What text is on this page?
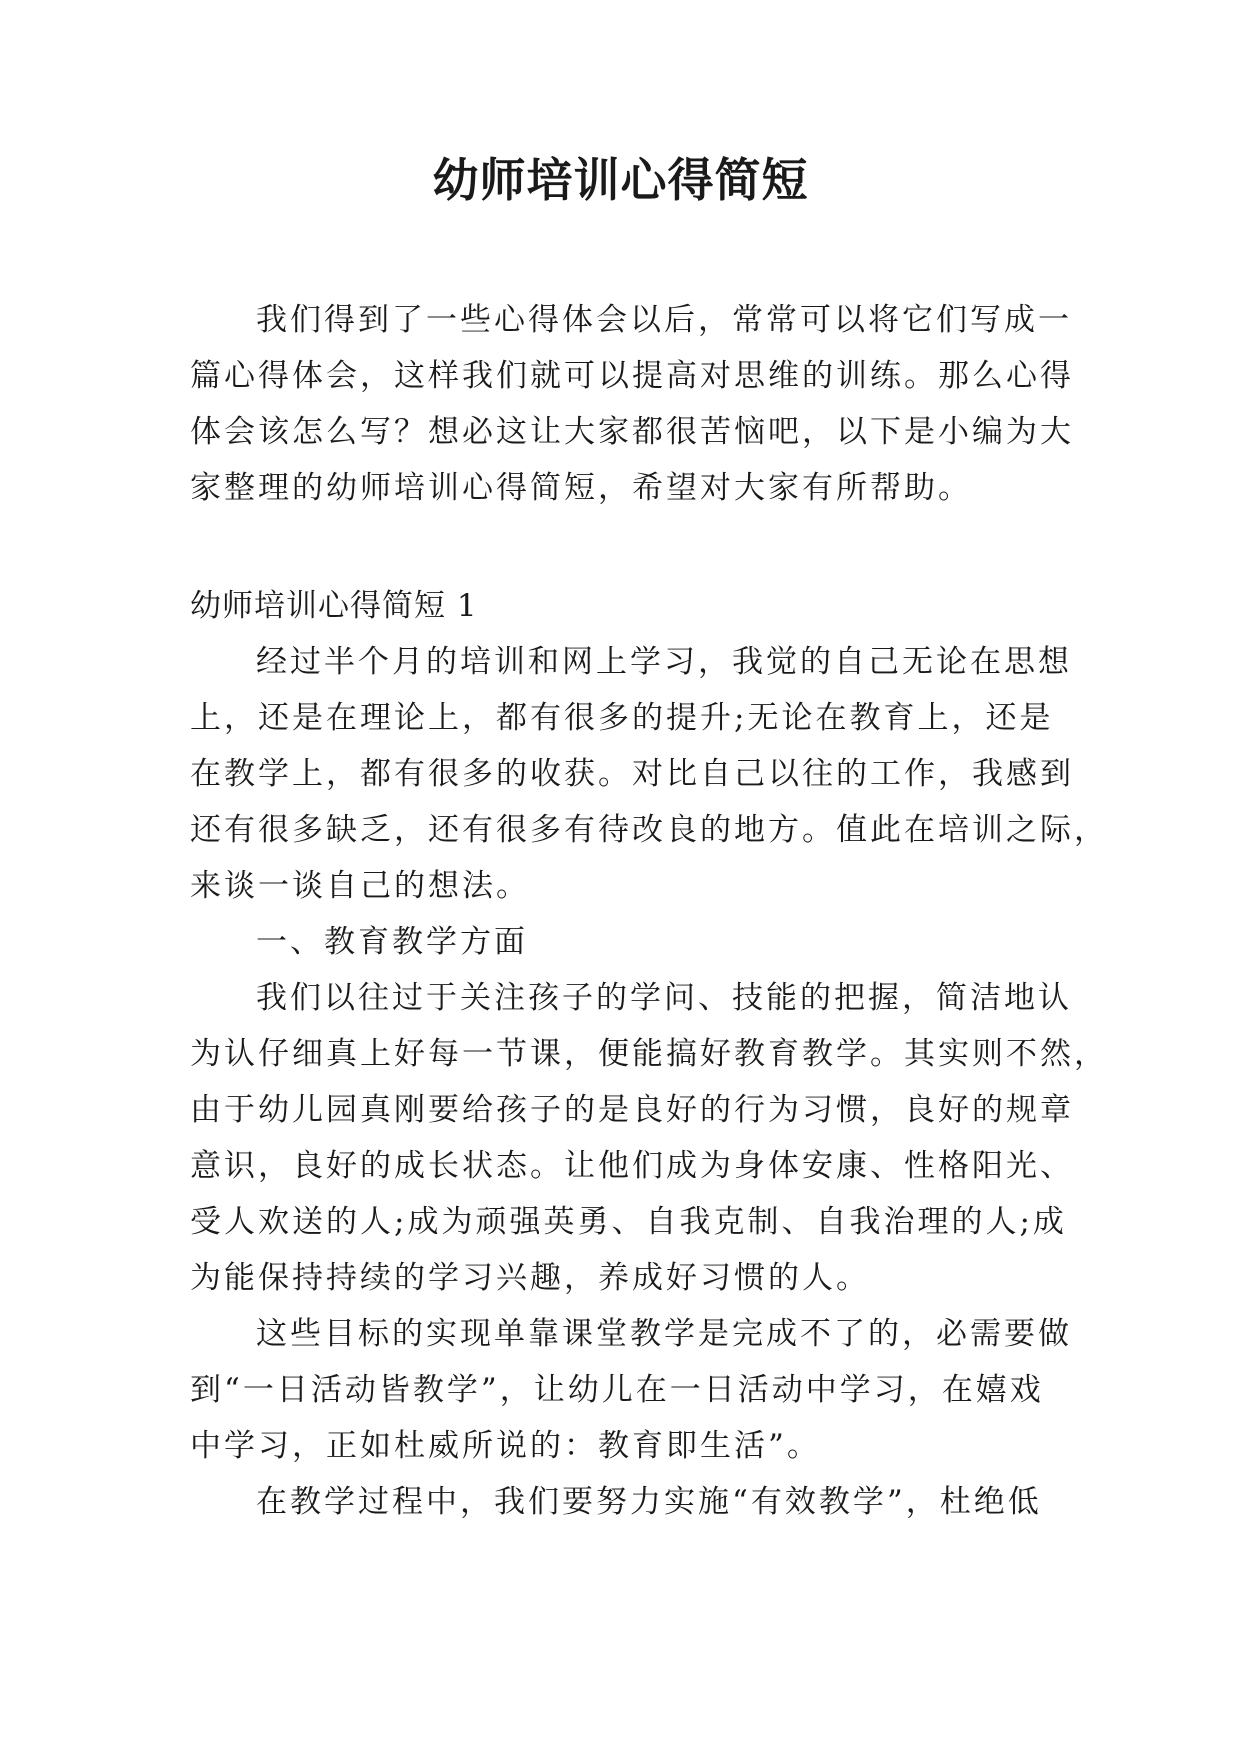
幼师培训心得简短
我们得到了一些心得体会以后，常常可以将它们写成一
篇心得体会，这样我们就可以提高对思维的训练。那么心得
体会该怎么写？想必这让大家都很苦恼吧，以下是小编为大
家整理的幼师培训心得简短，希望对大家有所帮助。
幼师培训心得简短 1
经过半个月的培训和网上学习，我觉的自己无论在思想
上，还是在理论上，都有很多的提升;无论在教育上，还是
在教学上，都有很多的收获。对比自己以往的工作，我感到
还有很多缺乏，还有很多有待改良的地方。值此在培训之际，
来谈一谈自己的想法。
一、教育教学方面
我们以往过于关注孩子的学问、技能的把握，简洁地认
为认仔细真上好每一节课，便能搞好教育教学。其实则不然，
由于幼儿园真刚要给孩子的是良好的行为习惯，良好的规章
意识，良好的成长状态。让他们成为身体安康、性格阳光、
受人欢送的人;成为顽强英勇、自我克制、自我治理的人;成
为能保持持续的学习兴趣，养成好习惯的人。
这些目标的实现单靠课堂教学是完成不了的，必需要做
到“一日活动皆教学”，让幼儿在一日活动中学习，在嬉戏
中学习，正如杜威所说的：教育即生活”。
在教学过程中，我们要努力实施“有效教学”，杜绝低
